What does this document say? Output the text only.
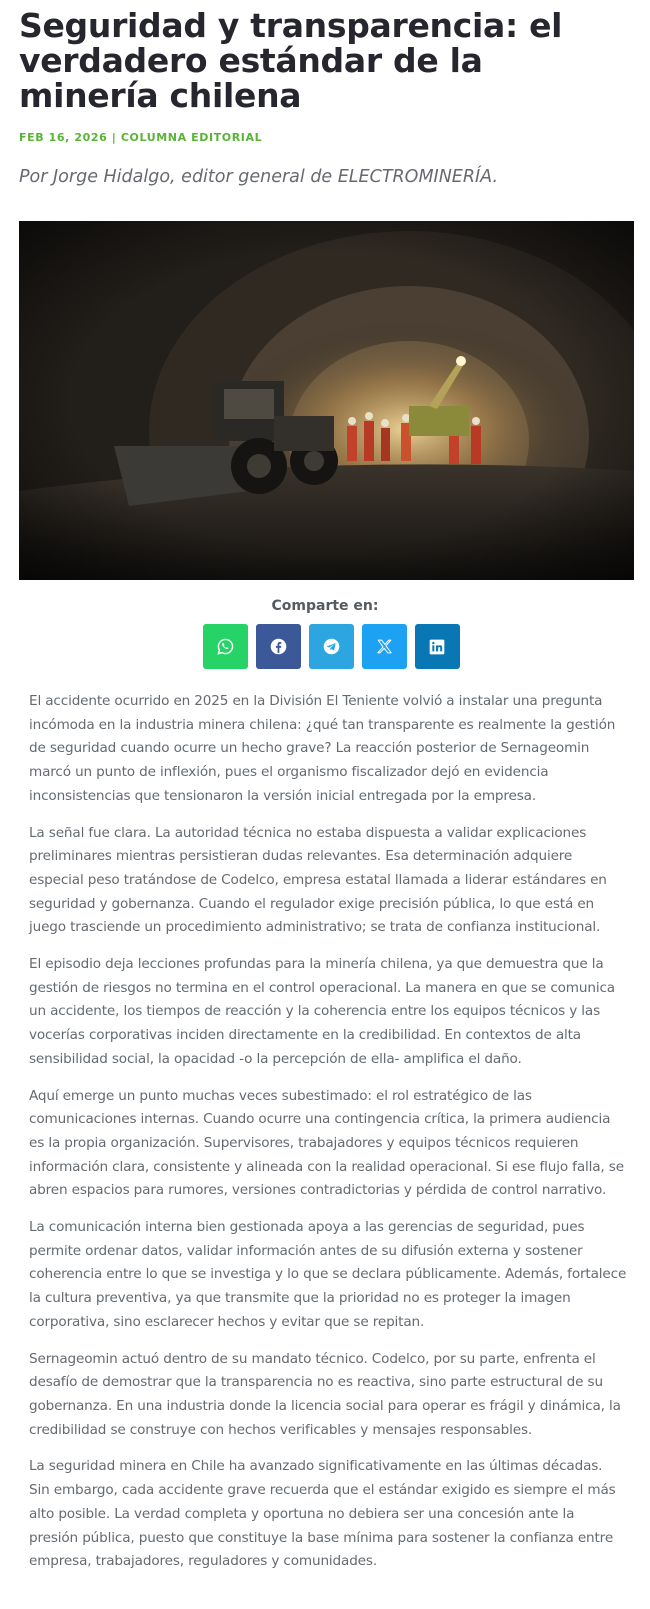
Seguridad y transparencia: el verdadero estándar de la minería chilena
FEB 16, 2026 | COLUMNA EDITORIAL
Por Jorge Hidalgo, editor general de ELECTROMINERÍA.
Comparte en:

El accidente ocurrido en 2025 en la División El Teniente volvió a instalar una pregunta incómoda en la industria minera chilena: ¿qué tan transparente es realmente la gestión de seguridad cuando ocurre un hecho grave? La reacción posterior de Sernageomin marcó un punto de inflexión, pues el organismo fiscalizador dejó en evidencia inconsistencias que tensionaron la versión inicial entregada por la empresa.

La señal fue clara. La autoridad técnica no estaba dispuesta a validar explicaciones preliminares mientras persistieran dudas relevantes. Esa determinación adquiere especial peso tratándose de Codelco, empresa estatal llamada a liderar estándares en seguridad y gobernanza. Cuando el regulador exige precisión pública, lo que está en juego trasciende un procedimiento administrativo; se trata de confianza institucional.

El episodio deja lecciones profundas para la minería chilena, ya que demuestra que la gestión de riesgos no termina en el control operacional. La manera en que se comunica un accidente, los tiempos de reacción y la coherencia entre los equipos técnicos y las vocerías corporativas inciden directamente en la credibilidad. En contextos de alta sensibilidad social, la opacidad -o la percepción de ella- amplifica el daño.

Aquí emerge un punto muchas veces subestimado: el rol estratégico de las comunicaciones internas. Cuando ocurre una contingencia crítica, la primera audiencia es la propia organización. Supervisores, trabajadores y equipos técnicos requieren información clara, consistente y alineada con la realidad operacional. Si ese flujo falla, se abren espacios para rumores, versiones contradictorias y pérdida de control narrativo.

La comunicación interna bien gestionada apoya a las gerencias de seguridad, pues permite ordenar datos, validar información antes de su difusión externa y sostener coherencia entre lo que se investiga y lo que se declara públicamente. Además, fortalece la cultura preventiva, ya que transmite que la prioridad no es proteger la imagen corporativa, sino esclarecer hechos y evitar que se repitan.

Sernageomin actuó dentro de su mandato técnico. Codelco, por su parte, enfrenta el desafío de demostrar que la transparencia no es reactiva, sino parte estructural de su gobernanza. En una industria donde la licencia social para operar es frágil y dinámica, la credibilidad se construye con hechos verificables y mensajes responsables.

La seguridad minera en Chile ha avanzado significativamente en las últimas décadas. Sin embargo, cada accidente grave recuerda que el estándar exigido es siempre el más alto posible. La verdad completa y oportuna no debiera ser una concesión ante la presión pública, puesto que constituye la base mínima para sostener la confianza entre empresa, trabajadores, reguladores y comunidades.
